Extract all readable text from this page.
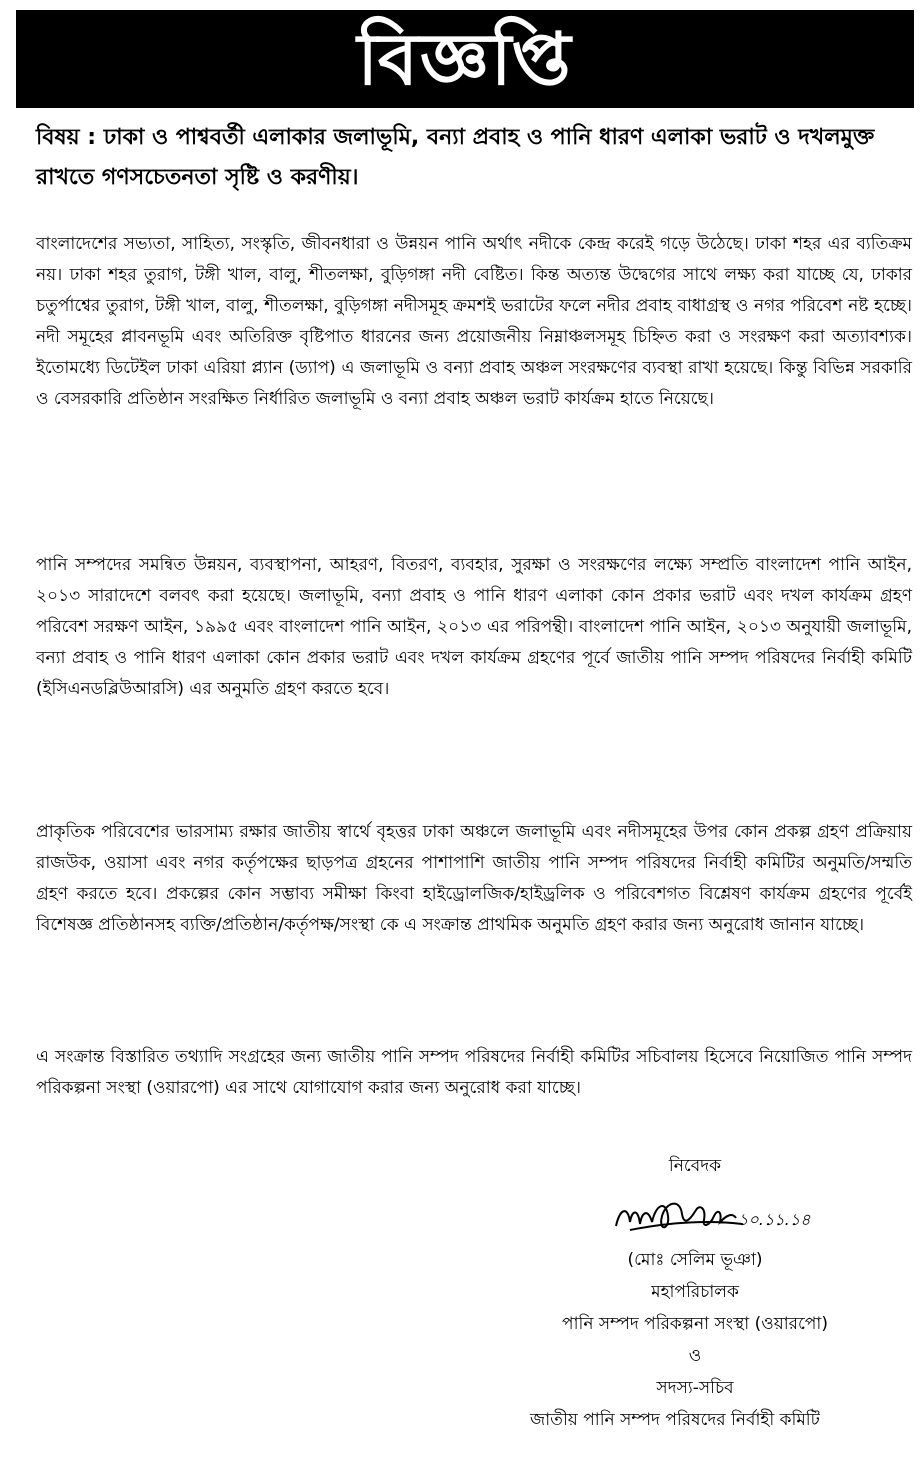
বিজ্ঞপ্তি
বিষয় : ঢাকা ও পাশ্ববর্তী এলাকার জলাভূমি, বন্যা প্রবাহ ও পানি ধারণ এলাকা ভরাট ও দখলমুক্ত রাখতে গণসচেতনতা সৃষ্টি ও করণীয়।
বাংলাদেশের সভ্যতা, সাহিত্য, সংস্কৃতি, জীবনধারা ও উন্নয়ন পানি অর্থাৎ নদীকে কেন্দ্র করেই গড়ে উঠেছে। ঢাকা শহর এর ব্যতিক্রম নয়। ঢাকা শহর তুরাগ, টঙ্গী খাল, বালু, শীতলক্ষা, বুড়িগঙ্গা নদী বেষ্টিত। কিন্ত অত্যন্ত উদ্বেগের সাথে লক্ষ্য করা যাচ্ছে যে, ঢাকার চতুর্পাশ্বের তুরাগ, টঙ্গী খাল, বালু, শীতলক্ষা, বুড়িগঙ্গা নদীসমূহ ক্রমশই ভরাটের ফলে নদীর প্রবাহ বাধাগ্রস্থ ও নগর পরিবেশ নষ্ট হচ্ছে। নদী সমূহের প্লাবনভূমি এবং অতিরিক্ত বৃষ্টিপাত ধারনের জন্য প্রয়োজনীয় নিম্নাঞ্চলসমূহ চিহ্নিত করা ও সংরক্ষণ করা অত্যাবশ্যক। ইতোমধ্যে ডিটেইল ঢাকা এরিয়া প্ল্যান (ড্যাপ) এ জলাভূমি ও বন্যা প্রবাহ অঞ্চল সংরক্ষণের ব্যবস্থা রাখা হয়েছে। কিন্তু বিভিন্ন সরকারি ও বেসরকারি প্রতিষ্ঠান সংরক্ষিত নির্ধারিত জলাভূমি ও বন্যা প্রবাহ অঞ্চল ভরাট কার্যক্রম হাতে নিয়েছে।
পানি সম্পদের সমন্বিত উন্নয়ন, ব্যবস্থাপনা, আহরণ, বিতরণ, ব্যবহার, সুরক্ষা ও সংরক্ষণের লক্ষ্যে সম্প্রতি বাংলাদেশ পানি আইন, ২০১৩ সারাদেশে বলবৎ করা হয়েছে। জলাভূমি, বন্যা প্রবাহ ও পানি ধারণ এলাকা কোন প্রকার ভরাট এবং দখল কার্যক্রম গ্রহণ পরিবেশ সরক্ষণ আইন, ১৯৯৫ এবং বাংলাদেশ পানি আইন, ২০১৩ এর পরিপন্থী। বাংলাদেশ পানি আইন, ২০১৩ অনুযায়ী জলাভূমি, বন্যা প্রবাহ ও পানি ধারণ এলাকা কোন প্রকার ভরাট এবং দখল কার্যক্রম গ্রহণের পূর্বে জাতীয় পানি সম্পদ পরিষদের নির্বাহী কমিটি (ইসিএনডব্লিউআরসি) এর অনুমতি গ্রহণ করতে হবে।
প্রাকৃতিক পরিবেশের ভারসাম্য রক্ষার জাতীয় স্বার্থে বৃহত্তর ঢাকা অঞ্চলে জলাভূমি এবং নদীসমূহের উপর কোন প্রকল্প গ্রহণ প্রক্রিয়ায় রাজউক, ওয়াসা এবং নগর কর্তৃপক্ষের ছাড়পত্র গ্রহনের পাশাপাশি জাতীয় পানি সম্পদ পরিষদের নির্বাহী কমিটির অনুমতি/সম্মতি গ্রহণ করতে হবে। প্রকল্পের কোন সম্ভাব্য সমীক্ষা কিংবা হাইড্রোলজিক/হাইড্রলিক ও পরিবেশগত বিশ্লেষণ কার্যক্রম গ্রহণের পূর্বেই বিশেষজ্ঞ প্রতিষ্ঠানসহ ব্যক্তি/প্রতিষ্ঠান/কর্তৃপক্ষ/সংস্থা কে এ সংক্রান্ত প্রাথমিক অনুমতি গ্রহণ করার জন্য অনুরোধ জানান যাচ্ছে।
এ সংক্রান্ত বিস্তারিত তথ্যাদি সংগ্রহের জন্য জাতীয় পানি সম্পদ পরিষদের নির্বাহী কমিটির সচিবালয় হিসেবে নিয়োজিত পানি সম্পদ পরিকল্পনা সংস্থা (ওয়ারপো) এর সাথে যোগাযোগ করার জন্য অনুরোধ করা যাচ্ছে।
নিবেদক
১০.১১.১৪
(মোঃ সেলিম ভূঞা)
মহাপরিচালক
পানি সম্পদ পরিকল্পনা সংস্থা (ওয়ারপো)
ও
সদস্য-সচিব
জাতীয় পানি সম্পদ পরিষদের নির্বাহী কমিটি
